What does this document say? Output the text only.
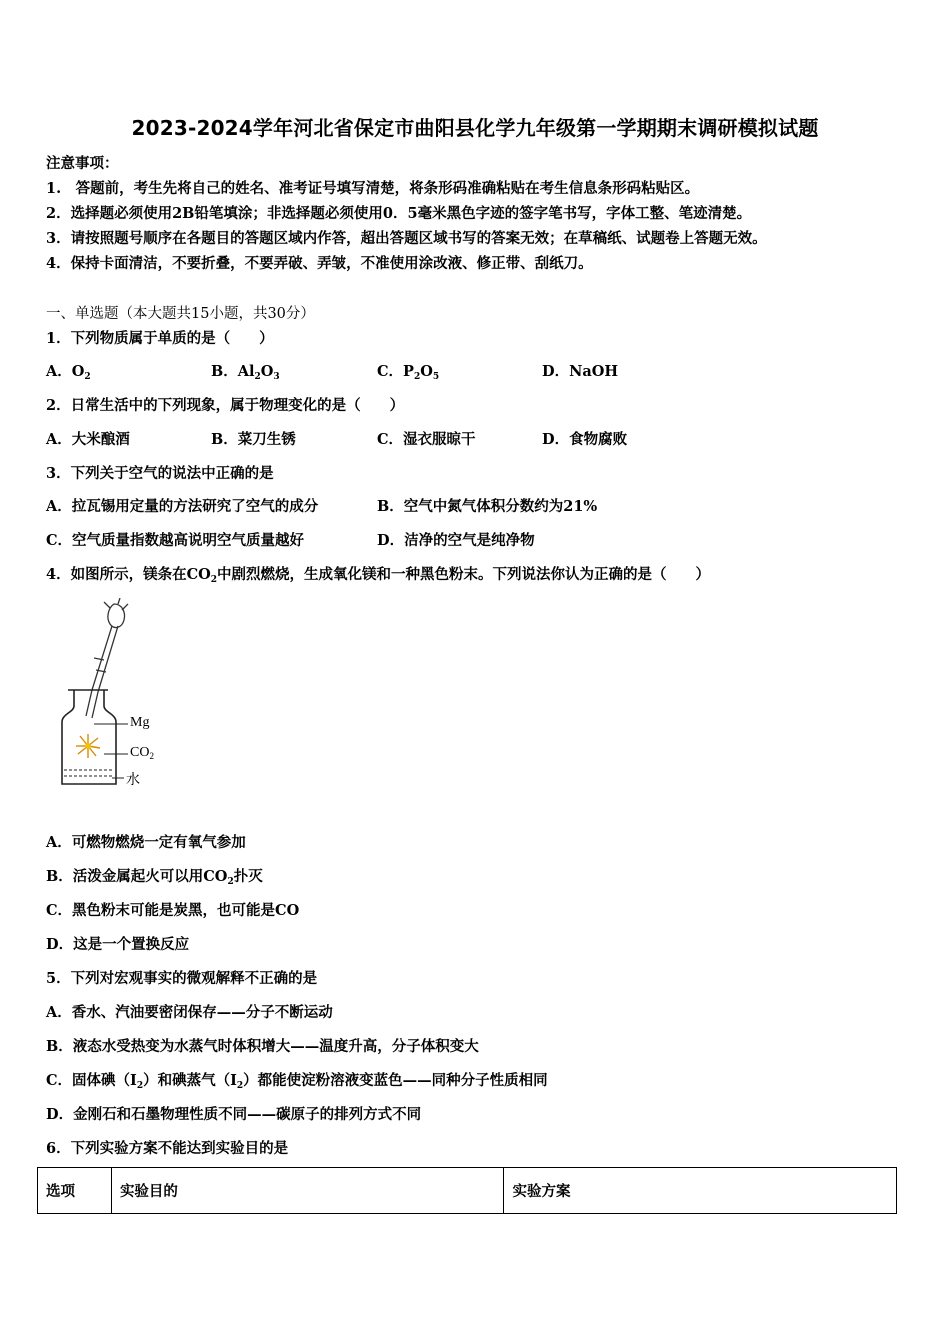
2023-2024学年河北省保定市曲阳县化学九年级第一学期期末调研模拟试题
注意事项：
1.　答题前，考生先将自己的姓名、准考证号填写清楚，将条形码准确粘贴在考生信息条形码粘贴区。
2．选择题必须使用2B铅笔填涂；非选择题必须使用0．5毫米黑色字迹的签字笔书写，字体工整、笔迹清楚。
3．请按照题号顺序在各题目的答题区域内作答，超出答题区域书写的答案无效；在草稿纸、试题卷上答题无效。
4．保持卡面清洁，不要折叠，不要弄破、弄皱，不准使用涂改液、修正带、刮纸刀。
一、单选题（本大题共15小题，共30分）
1．下列物质属于单质的是（　　）
A．$O_2$	B．$Al_2O_3$	C．$P_2O_5$	D．NaOH
2．日常生活中的下列现象，属于物理变化的是（　　）
A．大米酿酒	B．菜刀生锈	C．湿衣服晾干	D．食物腐败
3．下列关于空气的说法中正确的是
A．拉瓦锡用定量的方法研究了空气的成分	B．空气中氮气体积分数约为21%
C．空气质量指数越高说明空气质量越好	D．洁净的空气是纯净物
4．如图所示，镁条在$CO_2$中剧烈燃烧，生成氧化镁和一种黑色粉末。下列说法你认为正确的是（　　）
Mg
$CO_2$
水
A．可燃物燃烧一定有氧气参加
B．活泼金属起火可以用$CO_2$扑灭
C．黑色粉末可能是炭黑，也可能是CO
D．这是一个置换反应
5．下列对宏观事实的微观解释不正确的是
A．香水、汽油要密闭保存——分子不断运动
B．液态水受热变为水蒸气时体积增大——温度升高，分子体积变大
C．固体碘$(I_2)$和碘蒸气$(I_2)$都能使淀粉溶液变蓝色——同种分子性质相同
D．金刚石和石墨物理性质不同——碳原子的排列方式不同
6．下列实验方案不能达到实验目的是
选项	实验目的	实验方案
